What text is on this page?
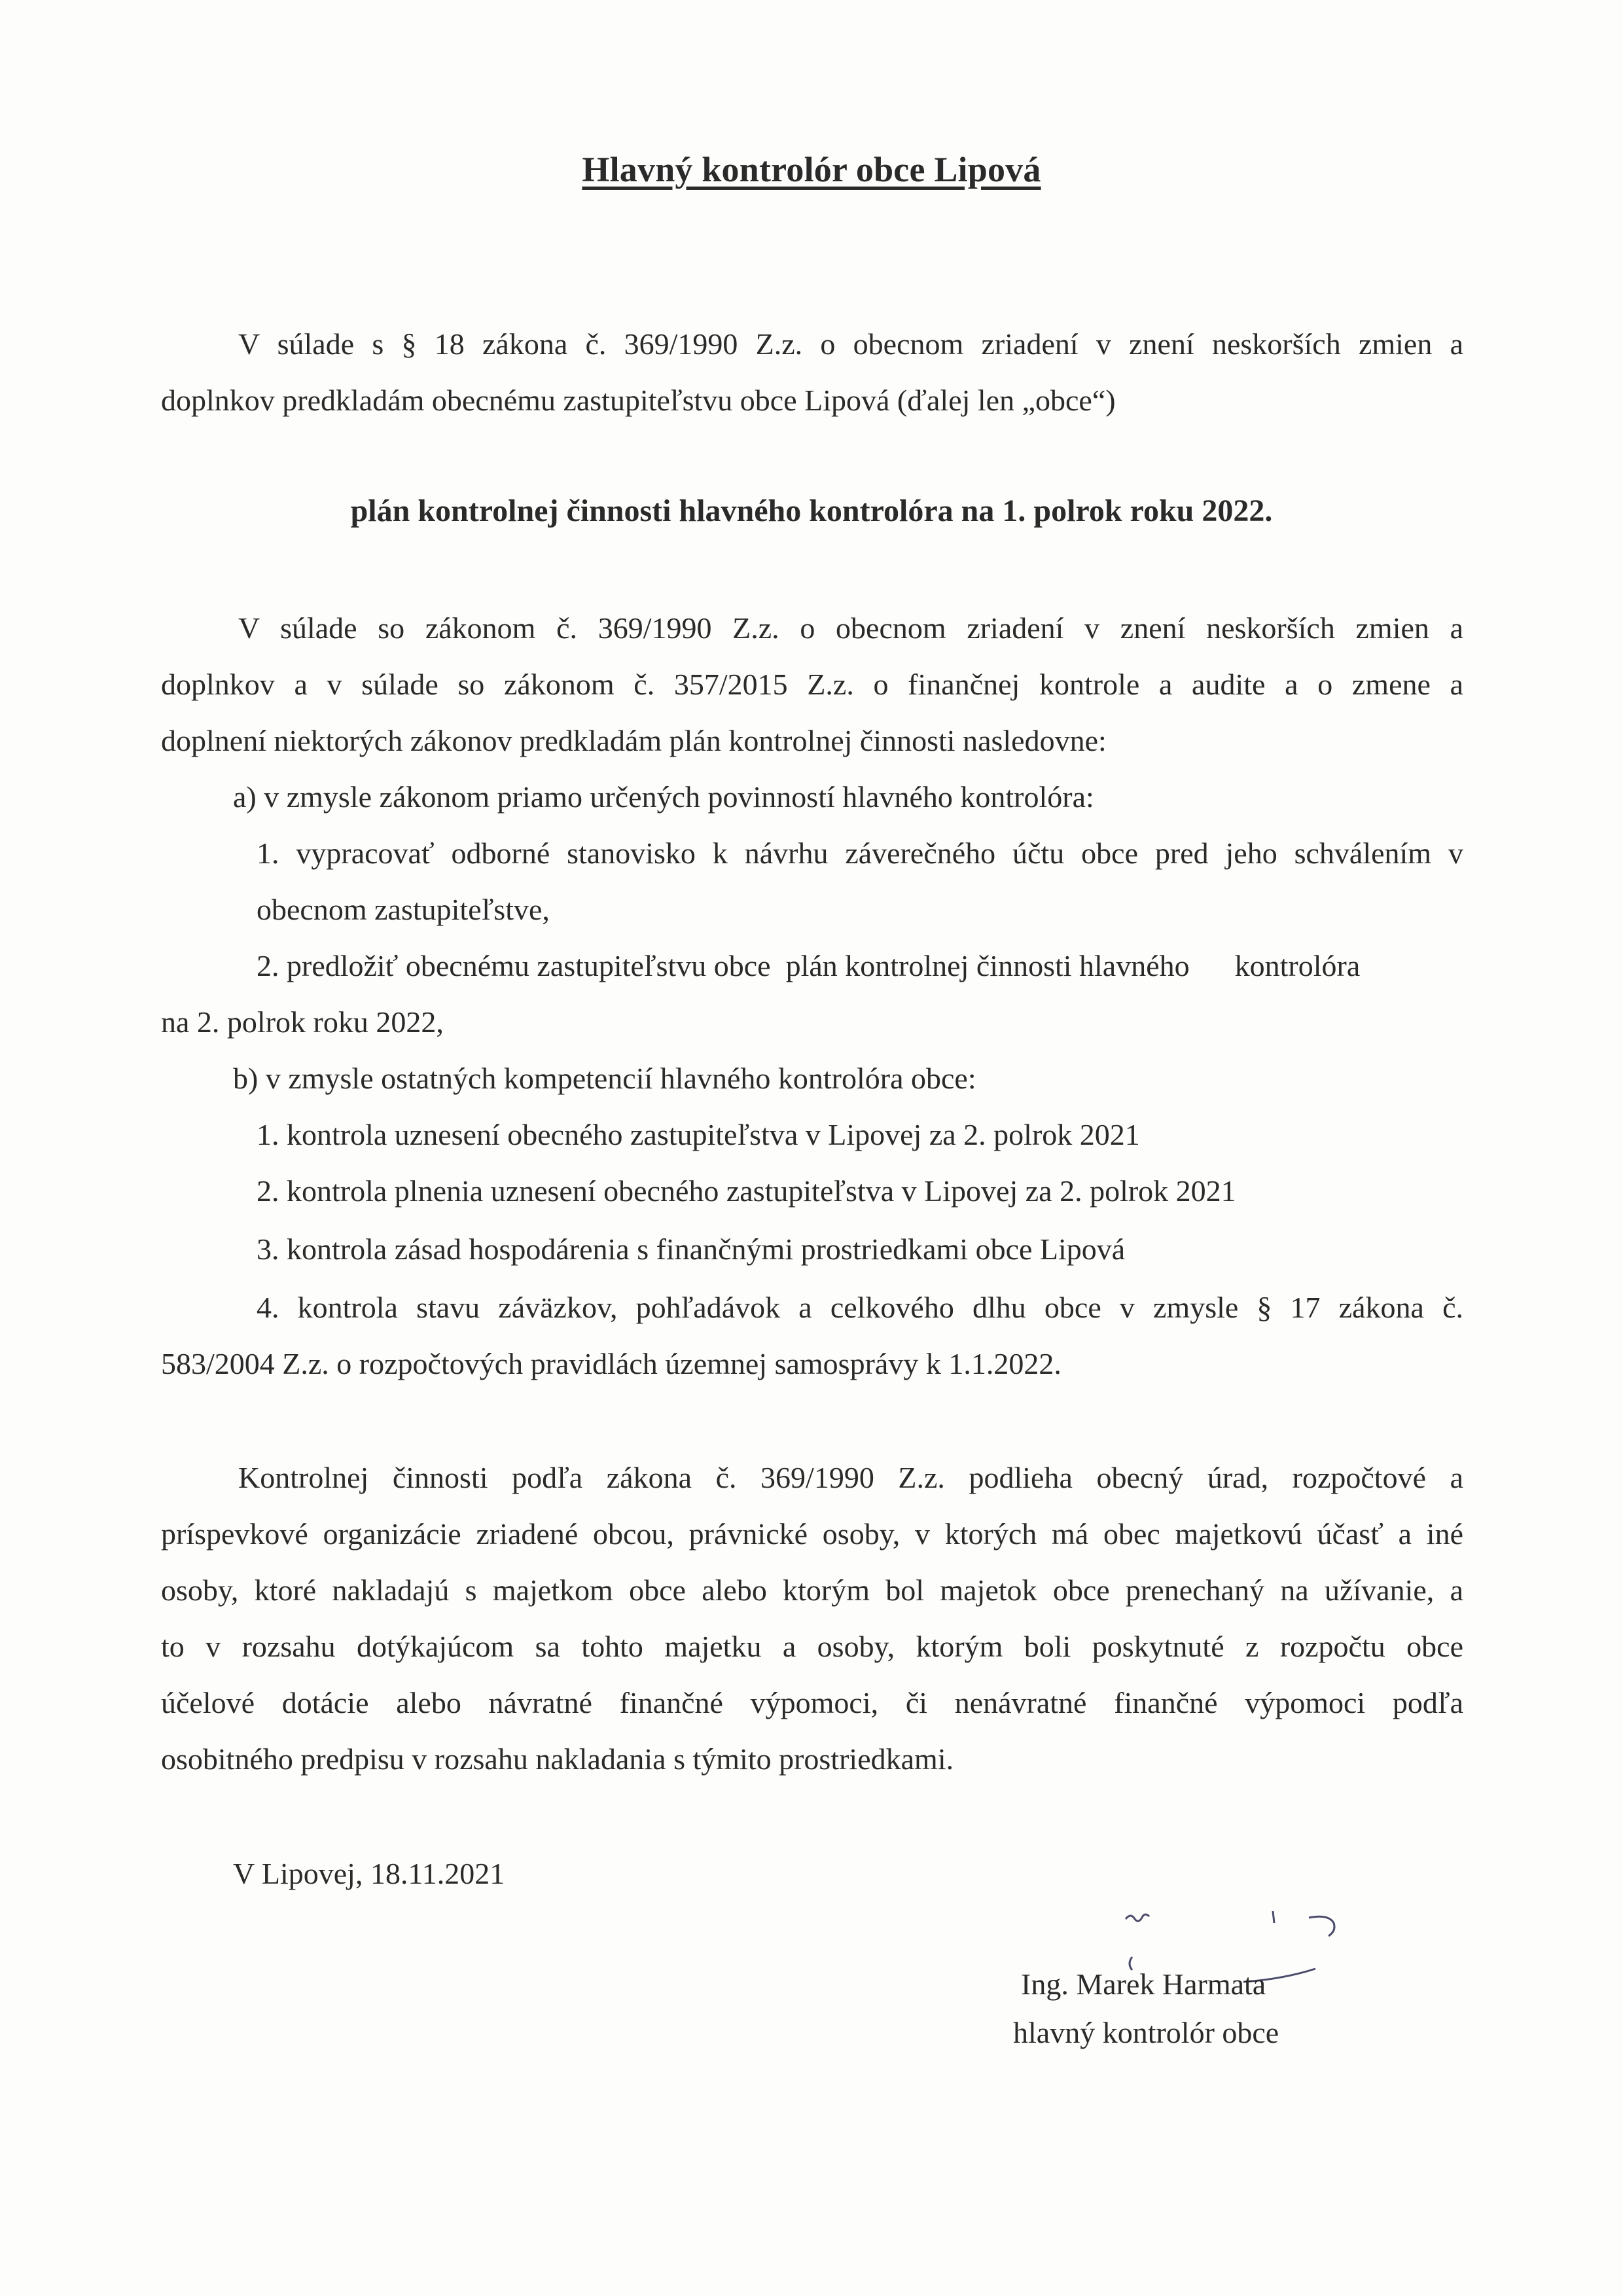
Hlavný kontrolór obce Lipová
V súlade s § 18 zákona č. 369/1990 Z.z. o obecnom zriadení v znení neskorších zmien a
doplnkov predkladám obecnému zastupiteľstvu obce Lipová (ďalej len „obce“)
plán kontrolnej činnosti hlavného kontrolóra na 1. polrok roku 2022.
V súlade so zákonom č. 369/1990 Z.z. o obecnom zriadení v znení neskorších zmien a
doplnkov a v súlade so zákonom č. 357/2015 Z.z. o finančnej kontrole a audite a o zmene a
doplnení niektorých zákonov predkladám plán kontrolnej činnosti nasledovne:
a) v zmysle zákonom priamo určených povinností hlavného kontrolóra:
1. vypracovať odborné stanovisko k návrhu záverečného účtu obce pred jeho schválením v
obecnom zastupiteľstve,
2. predložiť obecnému zastupiteľstvu obce  plán kontrolnej činnosti hlavného      kontrolóra
na 2. polrok roku 2022,
b) v zmysle ostatných kompetencií hlavného kontrolóra obce:
1. kontrola uznesení obecného zastupiteľstva v Lipovej za 2. polrok 2021
2. kontrola plnenia uznesení obecného zastupiteľstva v Lipovej za 2. polrok 2021
3. kontrola zásad hospodárenia s finančnými prostriedkami obce Lipová
4. kontrola stavu záväzkov, pohľadávok a celkového dlhu obce v zmysle § 17 zákona č.
583/2004 Z.z. o rozpočtových pravidlách územnej samosprávy k 1.1.2022.
Kontrolnej činnosti podľa zákona č. 369/1990 Z.z. podlieha obecný úrad, rozpočtové a
príspevkové organizácie zriadené obcou, právnické osoby, v ktorých má obec majetkovú účasť a iné
osoby, ktoré nakladajú s majetkom obce alebo ktorým bol majetok obce prenechaný na užívanie, a
to v rozsahu dotýkajúcom sa tohto majetku a osoby, ktorým boli poskytnuté z rozpočtu obce
účelové dotácie alebo návratné finančné výpomoci, či nenávratné finančné výpomoci podľa
osobitného predpisu v rozsahu nakladania s týmito prostriedkami.
V Lipovej, 18.11.2021
Ing. Marek Harmata
hlavný kontrolór obce
